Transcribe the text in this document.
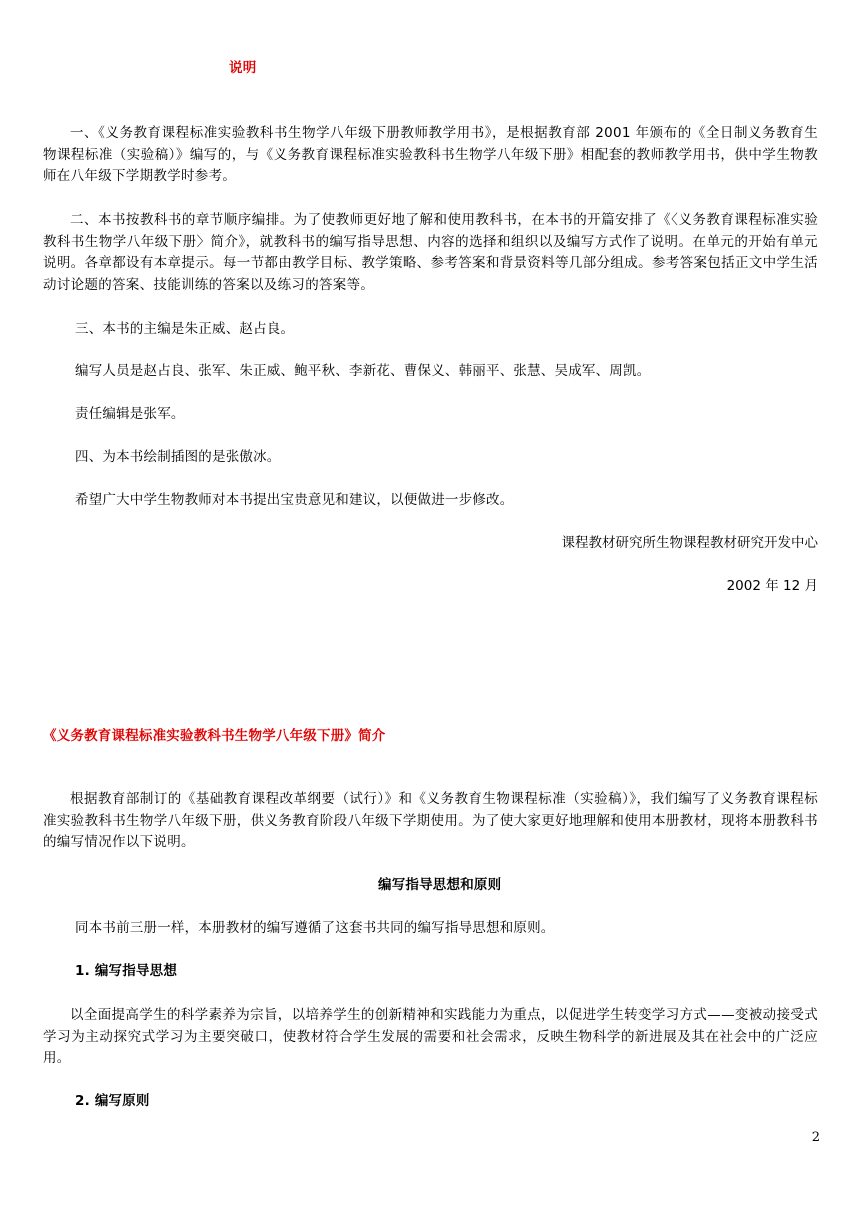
说明
一、《义务教育课程标准实验教科书生物学八年级下册教师教学用书》，是根据教育部 2001 年颁布的《全日制义务教育生物课程标准（实验稿）》编写的，与《义务教育课程标准实验教科书生物学八年级下册》相配套的教师教学用书，供中学生物教师在八年级下学期教学时参考。
二、本书按教科书的章节顺序编排。为了使教师更好地了解和使用教科书，在本书的开篇安排了《〈义务教育课程标准实验教科书生物学八年级下册〉简介》，就教科书的编写指导思想、内容的选择和组织以及编写方式作了说明。在单元的开始有单元说明。各章都设有本章提示。每一节都由教学目标、教学策略、参考答案和背景资料等几部分组成。参考答案包括正文中学生活动讨论题的答案、技能训练的答案以及练习的答案等。
三、本书的主编是朱正威、赵占良。
编写人员是赵占良、张军、朱正威、鲍平秋、李新花、曹保义、韩丽平、张慧、吴成军、周凯。
责任编辑是张军。
四、为本书绘制插图的是张傲冰。
希望广大中学生物教师对本书提出宝贵意见和建议，以便做进一步修改。
课程教材研究所生物课程教材研究开发中心
2002 年 12 月
《义务教育课程标准实验教科书生物学八年级下册》简介
根据教育部制订的《基础教育课程改革纲要（试行）》和《义务教育生物课程标准（实验稿）》，我们编写了义务教育课程标准实验教科书生物学八年级下册，供义务教育阶段八年级下学期使用。为了使大家更好地理解和使用本册教材，现将本册教科书的编写情况作以下说明。
编写指导思想和原则
同本书前三册一样，本册教材的编写遵循了这套书共同的编写指导思想和原则。
1. 编写指导思想
以全面提高学生的科学素养为宗旨，以培养学生的创新精神和实践能力为重点，以促进学生转变学习方式——变被动接受式学习为主动探究式学习为主要突破口，使教材符合学生发展的需要和社会需求，反映生物科学的新进展及其在社会中的广泛应用。
2. 编写原则
2
